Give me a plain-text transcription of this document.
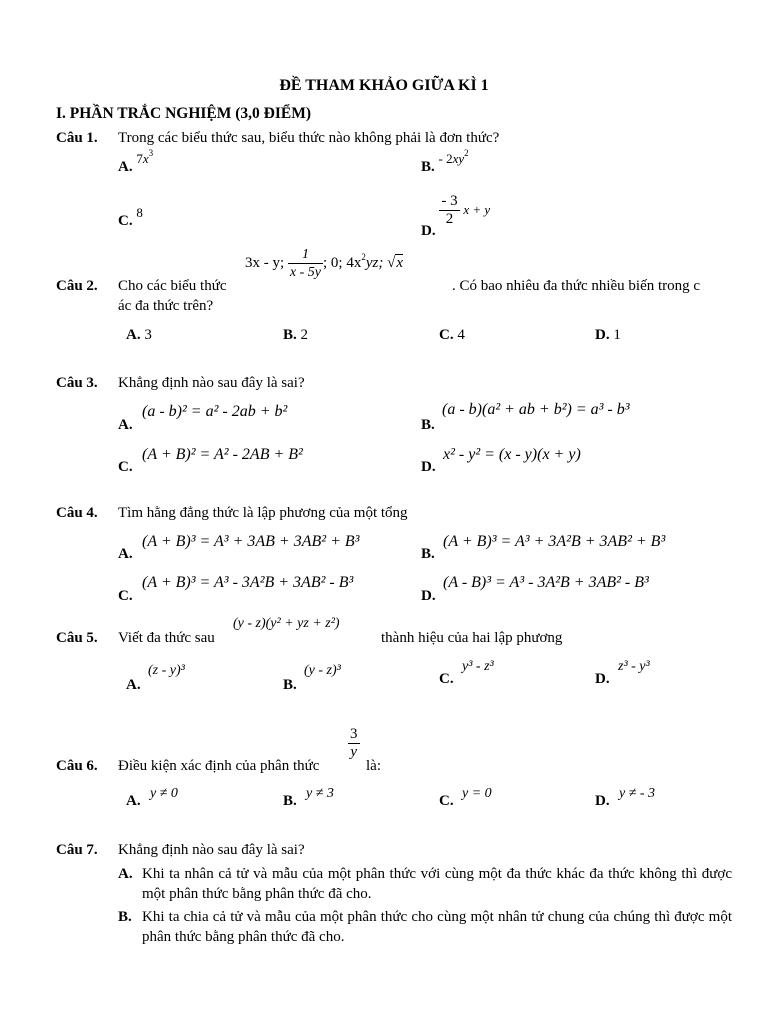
ĐỀ THAM KHẢO GIỮA KÌ 1
I. PHẦN TRẮC NGHIỆM (3,0 ĐIỂM)
Câu 1. Trong các biểu thức sau, biểu thức nào không phải là đơn thức?
A. $7x^3$
B. - $2xy^2$
C. 8
D.
$\frac{- 3}{2}$ x + y
3x - y; $\frac{1}{x - 5y}$ ; 0; $4x^2yz$; √x
Câu 2. Cho các biểu thức	. Có bao nhiêu đa thức nhiều biến trong c
ác đa thức trên?
A. 3	B. 2	C. 4	D. 1
Câu 3. Khẳng định nào sau đây là sai?
A.
(a - b)² = a² - 2ab + b²
B.
(a - b)(a² + ab + b²) = a³ - b³
C.
(A + B)² = A² - 2AB + B²
D.
x² - y² = (x - y)(x + y)
Câu 4. Tìm hằng đẳng thức là lập phương của một tổng
A.
(A + B)³ = A³ + 3AB + 3AB² + B³
B.
(A + B)³ = A³ + 3A²B + 3AB² + B³
C.
(A + B)³ = A³ - 3A²B + 3AB² - B³
D.
(A - B)³ = A³ - 3A²B + 3AB² - B³
(y - z)(y² + yz + z²)
Câu 5. Viết đa thức sau	thành hiệu của hai lập phương
A.
(z - y)³
B.
(y - z)³
C.
y³ - z³
D.
z³ - y³
$\frac{3}{y}$
Câu 6. Điều kiện xác định của phân thức	là:
A. y ≠ 0	B. y ≠ 3	C. y = 0	D. y ≠ - 3
Câu 7. Khẳng định nào sau đây là sai?
A. Khi ta nhân cả tử và mẫu của một phân thức với cùng một đa thức khác đa thức không thì được một phân thức bằng phân thức đã cho.
B. Khi ta chia cả tử và mẫu của một phân thức cho cùng một nhân tử chung của chúng thì được một phân thức bằng phân thức đã cho.
